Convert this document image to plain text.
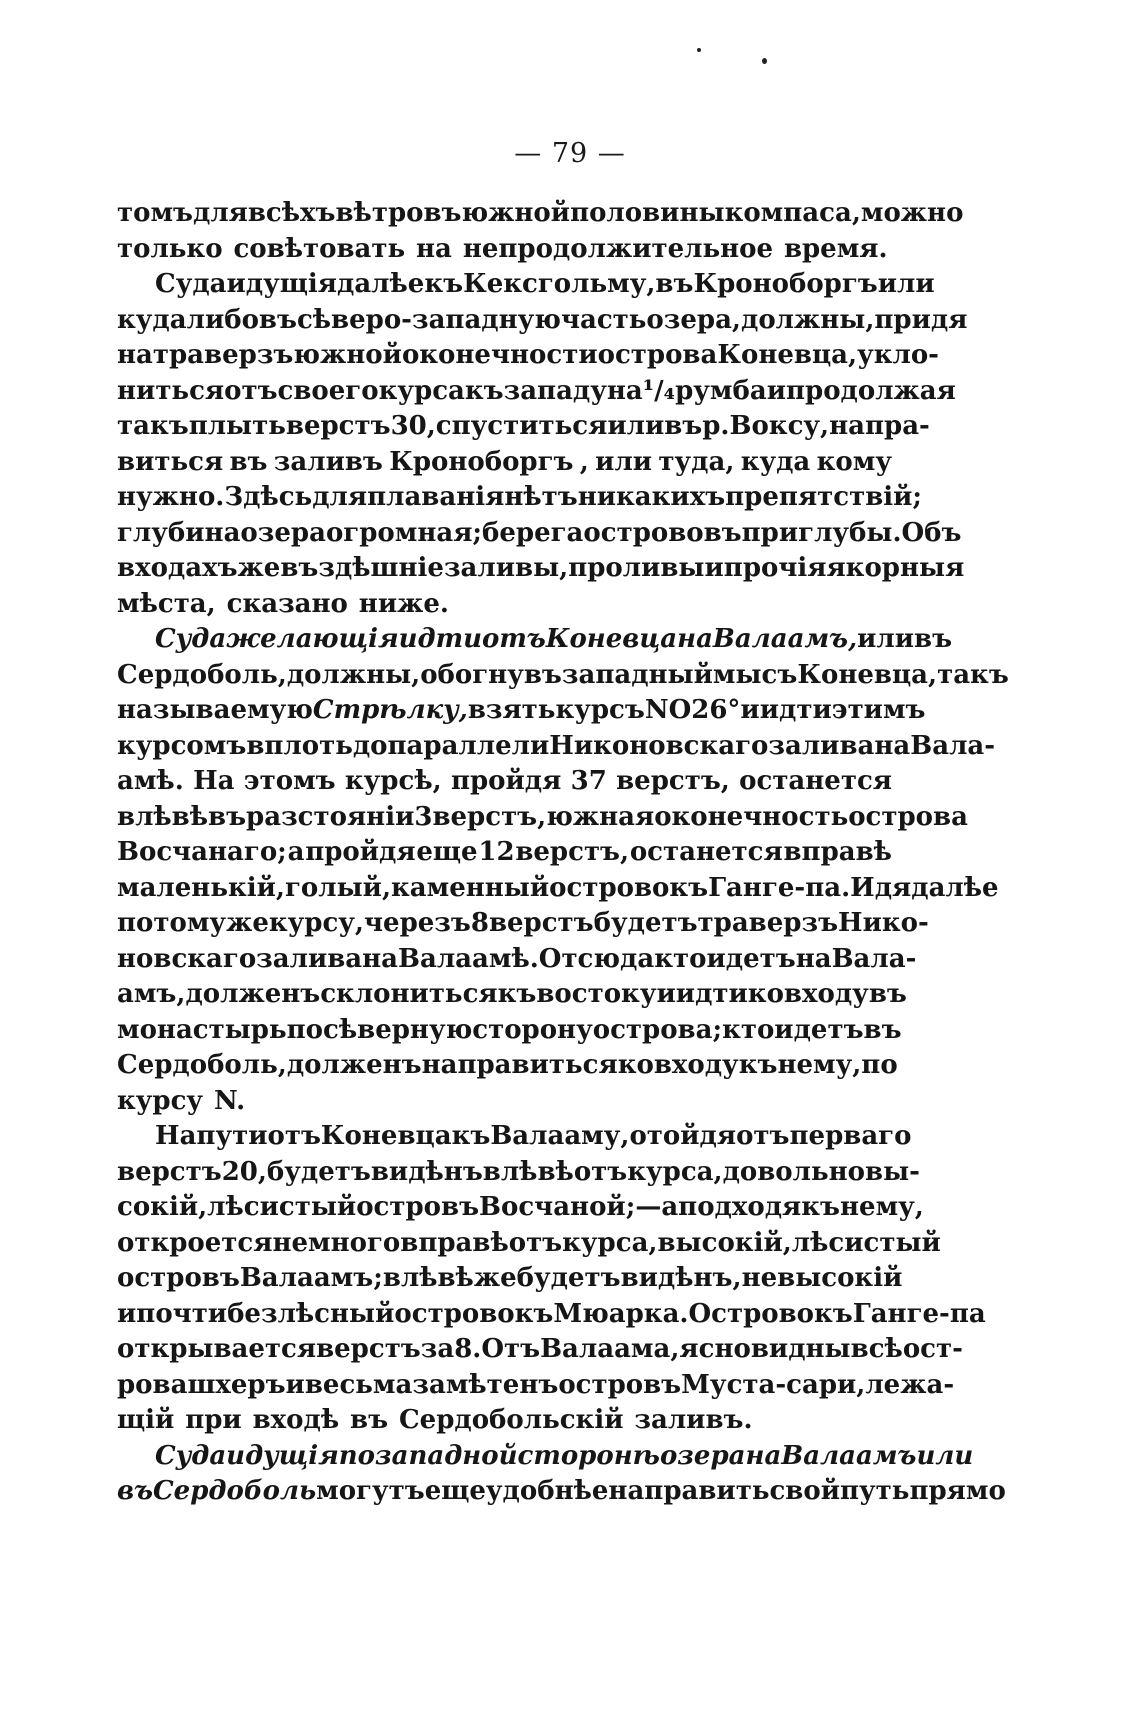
— 79 —
томъ для всѣхъ вѣтровъ южной половины компаса, можно
только совѣтовать на непродолжительное время.
Суда идущія далѣе къ Кексгольму, въ Кроноборгъ или
куда либо въ сѣверо-западную часть озера, должны, придя
на траверзъ южной оконечности острова Коневца, укло-
ниться отъ своего курса къ западу на ¹/₄ румба и продолжая
такъ плыть верстъ 30, спуститься или въ р. Воксу, напра-
виться въ заливъ Кроноборгъ , или туда, куда кому
нужно. Здѣсь для плаванія нѣтъ никакихъ препятствій;
глубина озера огромная; берега острововъ приглубы. Объ
входахъ же въ здѣшніе заливы, проливы и прочія якорныя
мѣста, сказано ниже.
Суда желающія идти отъ Коневца на Валаамъ, или въ
Сердоболь, должны, обогнувъ западный мысъ Коневца, такъ
называемую Стрѣлку, взять курсъ NO 26° и идти этимъ
курсомъ вплоть до параллели Никоновскаго залива на Вала-
амѣ. На этомъ курсѣ, пройдя 37 верстъ, останется
влѣвѣ въ разстояніи 3 верстъ, южная оконечность острова
Восчанаго; а пройдя еще 12 верстъ, останется вправѣ
маленькій, голый, каменный островокъ Ганге-па. Идя далѣе
по тому же курсу, черезъ 8 верстъ будетъ траверзъ Нико-
новскаго залива на Валаамѣ. Отсюда кто идетъ на Вала-
амъ, долженъ склониться къ востоку и идти ко входу въ
монастырь по сѣверную сторону острова; кто идетъ въ
Сердоболь, долженъ направиться ко входу къ нему, по
курсу N.
На пути отъ Коневца къ Валааму, отойдя отъ перваго
верстъ 20, будетъ видѣнъ влѣвѣ отъ курса, довольно вы-
сокій, лѣсистый островъ Восчаной; — а подходя къ нему,
откроется немного вправѣ отъ курса, высокій, лѣсистый
островъ Валаамъ; влѣвѣ же будетъ видѣнъ, невысокій
и почти безлѣсный островокъ Мюарка. Островокъ Ганге-па
открывается верстъ за 8. Отъ Валаама, ясно видны всѣ ост-
рова шхеръ и весьма замѣтенъ островъ Муста-сари, лежа-
щій при входѣ въ Сердобольскій заливъ.
Суда идущія по западной сторонѣ озера на Валаамъ или
въ Сердоболь могутъ еще удобнѣе направить свой путь прямо
